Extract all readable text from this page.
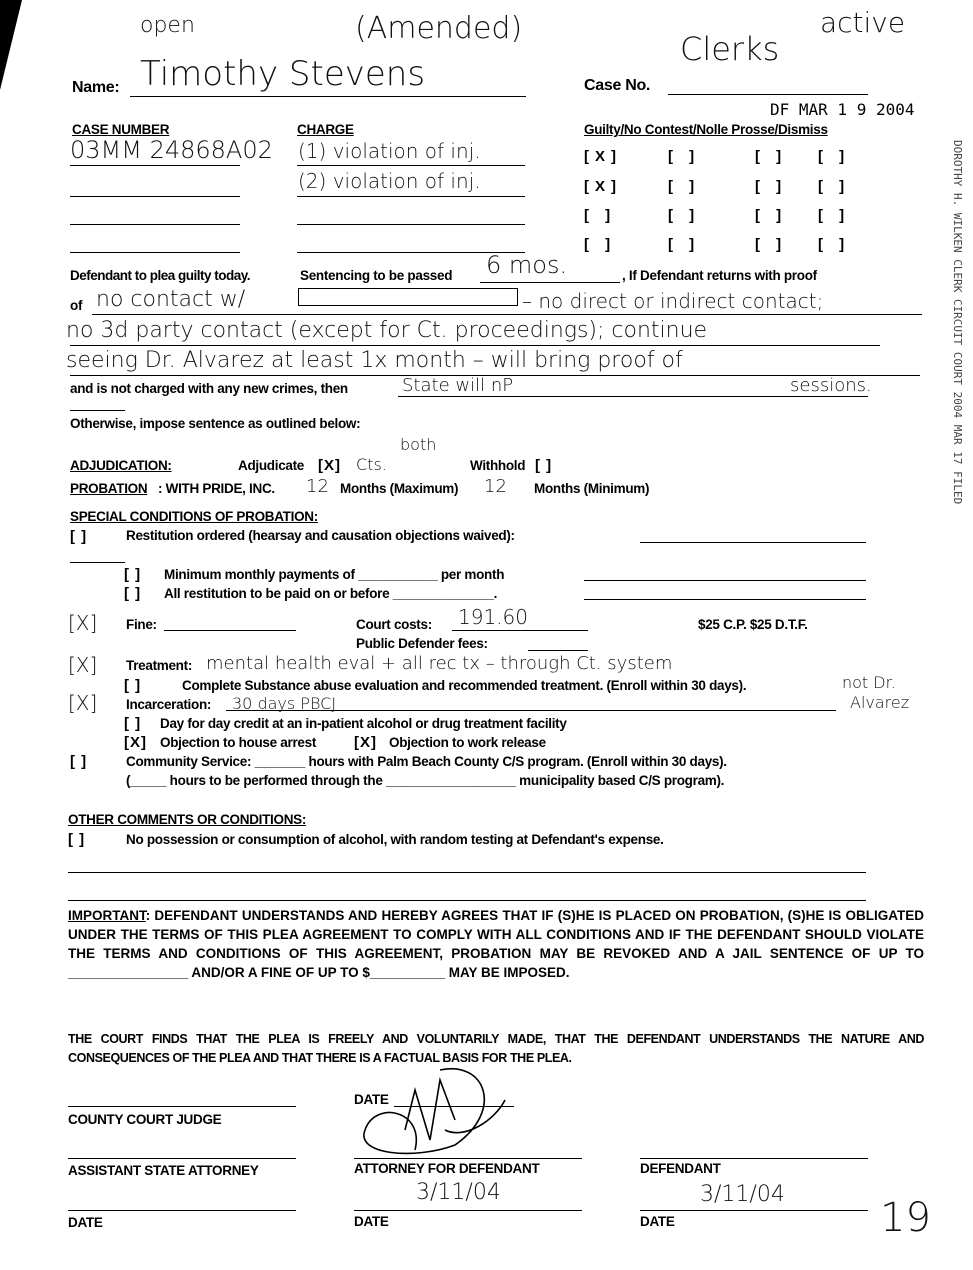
open	(Amended)
Clerks
active
Name: Timothy Stevens	Case No.
DF MAR 1 9 2004
CASE NUMBER	CHARGE	Guilty/No Contest/Nolle Prosse/Dismiss
03MM 24868A02 (1) violation of inj.
(2) violation of inj.
[X]	[ ]	[ ] [ ]
[X]	[ ]	[ ] [ ]
[ ]	[ ]	[ ] [ ]
[ ]	[ ]	[ ] [ ]	DOROTHY H. WILKEN CLERK CIRCUIT COURT 2004 MAR 17 FILED
Defendant to plea guilty today.	Sentencing to be passed 6 mos.	, If Defendant returns with proof
of no contact w/	– no direct or indirect contact;
no 3d party contact (except for Ct. proceedings); continue
seeing Dr. Alvarez at least 1x month – will bring proof of
and is not charged with any new crimes, then	State will nP	sessions.
Otherwise, impose sentence as outlined below:
ADJUDICATION:	Adjudicate [X]
both
Cts.	Withhold [ ]
PROBATION : WITH PRIDE, INC. 12 Months (Maximum) 12 Months (Minimum)
SPECIAL CONDITIONS OF PROBATION:
[ ]	Restitution ordered (hearsay and causation objections waived):
[ ] Minimum monthly payments of ___________ per month
[ ] All restitution to be paid on or before ______________.
[X] Fine:	Court costs: 191.60	$25 C.P. $25 D.T.F.
Public Defender fees:
[X] Treatment: mental health eval + all rec tx – through Ct. system
[ ]	Complete Substance abuse evaluation and recommended treatment. (Enroll within 30 days).	not Dr.
Alvarez
[X] Incarceration: 30 days PBCJ
[ ] Day for day credit at an in-patient alcohol or drug treatment facility
[X] Objection to house arrest	[X] Objection to work release
[ ]	Community Service: _______ hours with Palm Beach County C/S program. (Enroll within 30 days).
(_____ hours to be performed through the __________________ municipality based C/S program).
OTHER COMMENTS OR CONDITIONS:
[ ]	No possession or consumption of alcohol, with random testing at Defendant's expense.
IMPORTANT: DEFENDANT UNDERSTANDS AND HEREBY AGREES THAT IF (S)HE IS PLACED ON PROBATION, (S)HE IS OBLIGATED UNDER THE TERMS OF THIS PLEA AGREEMENT TO COMPLY WITH ALL CONDITIONS AND IF THE DEFENDANT SHOULD VIOLATE THE TERMS AND CONDITIONS OF THIS AGREEMENT, PROBATION MAY BE REVOKED AND A JAIL SENTENCE OF UP TO ________________ AND/OR A FINE OF UP TO $__________ MAY BE IMPOSED.
THE COURT FINDS THAT THE PLEA IS FREELY AND VOLUNTARILY MADE, THAT THE DEFENDANT UNDERSTANDS THE NATURE AND CONSEQUENCES OF THE PLEA AND THAT THERE IS A FACTUAL BASIS FOR THE PLEA.
COUNTY COURT JUDGE
DATE
ASSISTANT STATE ATTORNEY	ATTORNEY FOR DEFENDANT	DEFENDANT
DATE	DATE
3/11/04
DATE
3/11/04
19
